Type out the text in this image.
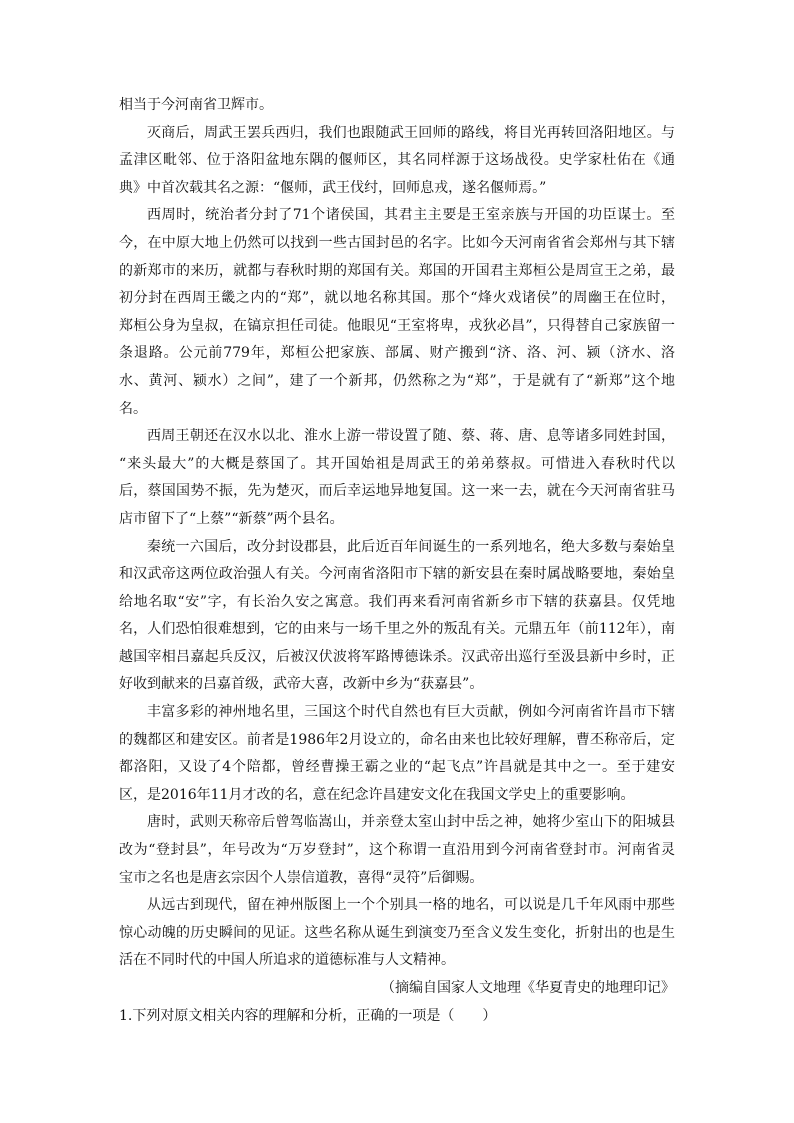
相当于今河南省卫辉市。
灭商后，周武王罢兵西归，我们也跟随武王回师的路线，将目光再转回洛阳地区。与
孟津区毗邻、位于洛阳盆地东隅的偃师区，其名同样源于这场战役。史学家杜佑在《通
典》中首次载其名之源：“偃师，武王伐纣，回师息戎，遂名偃师焉。”
西周时，统治者分封了71个诸侯国，其君主主要是王室亲族与开国的功臣谋士。至
今，在中原大地上仍然可以找到一些古国封邑的名字。比如今天河南省省会郑州与其下辖
的新郑市的来历，就都与春秋时期的郑国有关。郑国的开国君主郑桓公是周宣王之弟，最
初分封在西周王畿之内的“郑”，就以地名称其国。那个“烽火戏诸侯”的周幽王在位时，
郑桓公身为皇叔，在镐京担任司徒。他眼见“王室将卑，戎狄必昌”，只得替自己家族留一
条退路。公元前779年，郑桓公把家族、部属、财产搬到“济、洛、河、颍（济水、洛
水、黄河、颍水）之间”，建了一个新邦，仍然称之为“郑”，于是就有了“新郑”这个地
名。
西周王朝还在汉水以北、淮水上游一带设置了随、蔡、蒋、唐、息等诸多同姓封国，
“来头最大”的大概是蔡国了。其开国始祖是周武王的弟弟蔡叔。可惜进入春秋时代以
后，蔡国国势不振，先为楚灭，而后幸运地异地复国。这一来一去，就在今天河南省驻马
店市留下了“上蔡”“新蔡”两个县名。
秦统一六国后，改分封设郡县，此后近百年间诞生的一系列地名，绝大多数与秦始皇
和汉武帝这两位政治强人有关。今河南省洛阳市下辖的新安县在秦时属战略要地，秦始皇
给地名取“安”字，有长治久安之寓意。我们再来看河南省新乡市下辖的获嘉县。仅凭地
名，人们恐怕很难想到，它的由来与一场千里之外的叛乱有关。元鼎五年（前112年），南
越国宰相吕嘉起兵反汉，后被汉伏波将军路博德诛杀。汉武帝出巡行至汲县新中乡时，正
好收到献来的吕嘉首级，武帝大喜，改新中乡为“获嘉县”。
丰富多彩的神州地名里，三国这个时代自然也有巨大贡献，例如今河南省许昌市下辖
的魏都区和建安区。前者是1986年2月设立的，命名由来也比较好理解，曹丕称帝后，定
都洛阳，又设了4个陪都，曾经曹操王霸之业的“起飞点”许昌就是其中之一。至于建安
区，是2016年11月才改的名，意在纪念许昌建安文化在我国文学史上的重要影响。
唐时，武则天称帝后曾驾临嵩山，并亲登太室山封中岳之神，她将少室山下的阳城县
改为“登封县”，年号改为“万岁登封”，这个称谓一直沿用到今河南省登封市。河南省灵
宝市之名也是唐玄宗因个人崇信道教，喜得“灵符”后御赐。
从远古到现代，留在神州版图上一个个别具一格的地名，可以说是几千年风雨中那些
惊心动魄的历史瞬间的见证。这些名称从诞生到演变乃至含义发生变化，折射出的也是生
活在不同时代的中国人所追求的道德标准与人文精神。
（摘编自国家人文地理《华夏青史的地理印记》
1.下列对原文相关内容的理解和分析，正确的一项是（　　）
